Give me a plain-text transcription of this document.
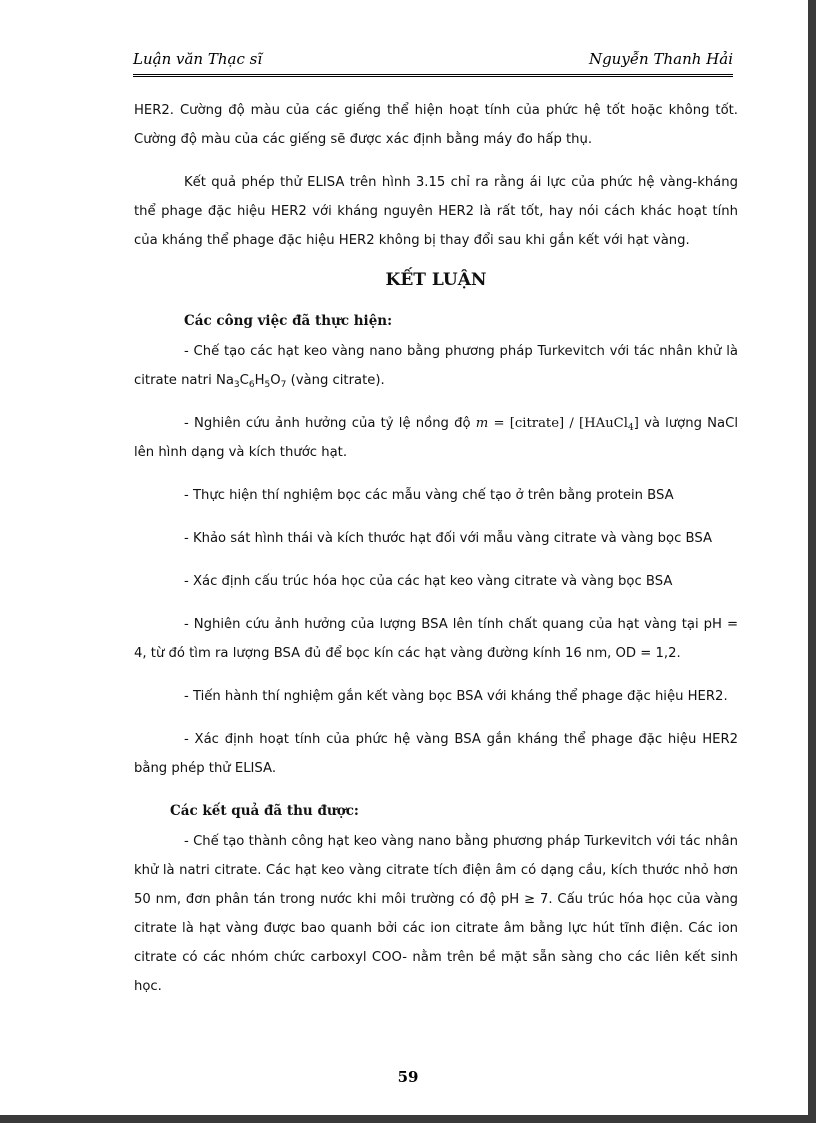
Luận văn Thạc sĩ	Nguyễn Thanh Hải

HER2. Cường độ màu của các giếng thể hiện hoạt tính của phức hệ tốt hoặc không tốt. Cường độ màu của các giếng sẽ được xác định bằng máy đo hấp thụ.

Kết quả phép thử ELISA trên hình 3.15 chỉ ra rằng ái lực của phức hệ vàng-kháng thể phage đặc hiệu HER2 với kháng nguyên HER2 là rất tốt, hay nói cách khác hoạt tính của kháng thể phage đặc hiệu HER2 không bị thay đổi sau khi gắn kết với hạt vàng.

KẾT LUẬN
Các công việc đã thực hiện:

- Chế tạo các hạt keo vàng nano bằng phương pháp Turkevitch với tác nhân khử là citrate natri $Na_3C_6H_5O_7$ (vàng citrate).

- Nghiên cứu ảnh hưởng của tỷ lệ nồng độ m = [citrate] / [HAuCl$_4$] và lượng NaCl lên hình dạng và kích thước hạt.

- Thực hiện thí nghiệm bọc các mẫu vàng chế tạo ở trên bằng protein BSA

- Khảo sát hình thái và kích thước hạt đối với mẫu vàng citrate và vàng bọc BSA

- Xác định cấu trúc hóa học của các hạt keo vàng citrate và vàng bọc BSA

- Nghiên cứu ảnh hưởng của lượng BSA lên tính chất quang của hạt vàng tại pH = 4, từ đó tìm ra lượng BSA đủ để bọc kín các hạt vàng đường kính 16 nm, OD = 1,2.

- Tiến hành thí nghiệm gắn kết vàng bọc BSA với kháng thể phage đặc hiệu HER2.

- Xác định hoạt tính của phức hệ vàng BSA gắn kháng thể phage đặc hiệu HER2 bằng phép thử ELISA.

Các kết quả đã thu được:

- Chế tạo thành công hạt keo vàng nano bằng phương pháp Turkevitch với tác nhân khử là natri citrate. Các hạt keo vàng citrate tích điện âm có dạng cầu, kích thước nhỏ hơn 50 nm, đơn phân tán trong nước khi môi trường có độ pH ≥ 7. Cấu trúc hóa học của vàng citrate là hạt vàng được bao quanh bởi các ion citrate âm bằng lực hút tĩnh điện. Các ion citrate có các nhóm chức carboxyl COO- nằm trên bề mặt sẵn sàng cho các liên kết sinh học.

59
